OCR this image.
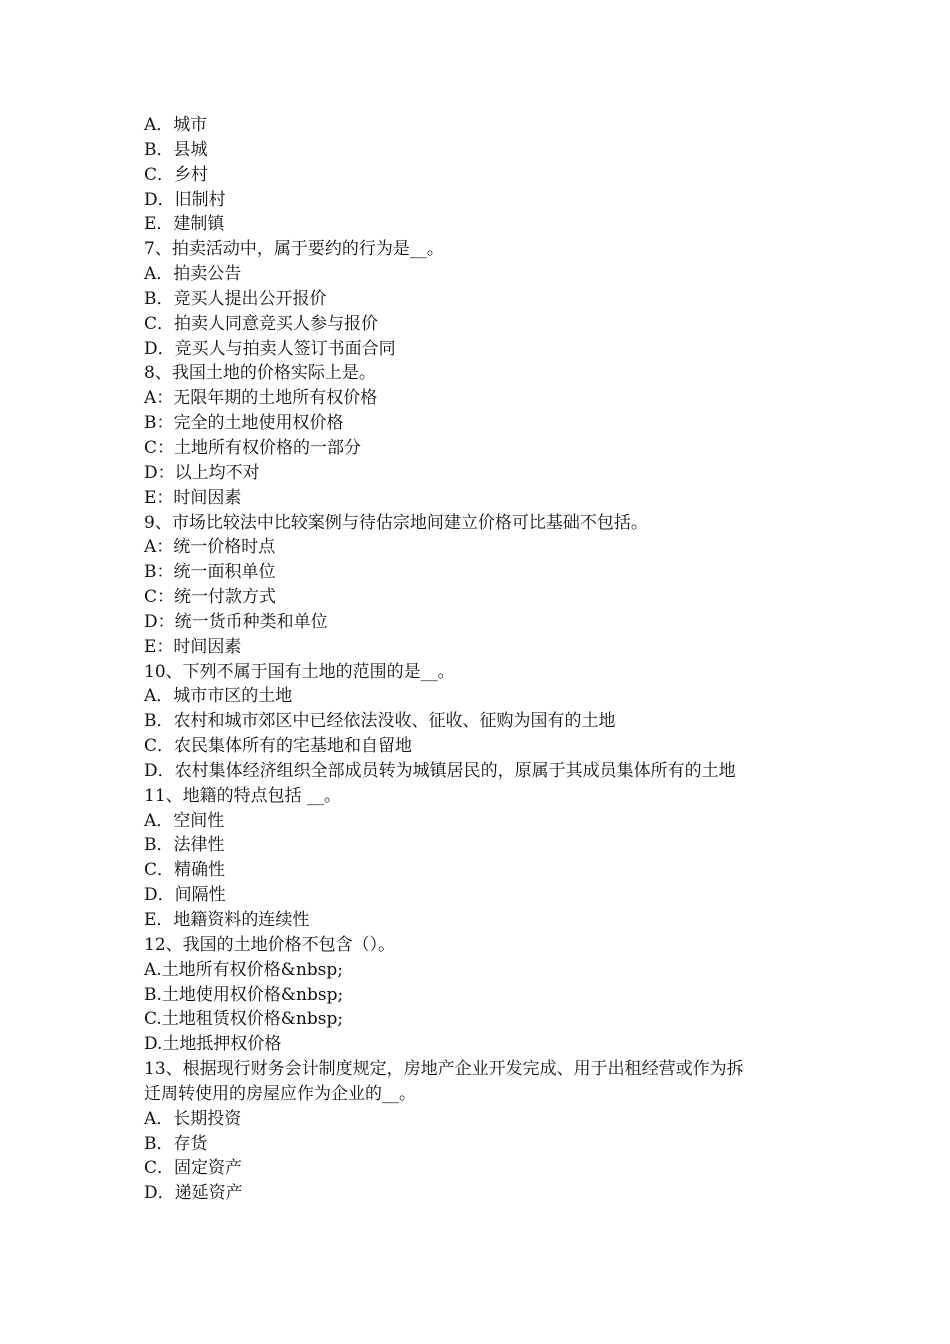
A．城市
B．县城
C．乡村
D．旧制村
E．建制镇
7、拍卖活动中，属于要约的行为是__。
A．拍卖公告
B．竞买人提出公开报价
C．拍卖人同意竞买人参与报价
D．竞买人与拍卖人签订书面合同
8、我国土地的价格实际上是。
A：无限年期的土地所有权价格
B：完全的土地使用权价格
C：土地所有权价格的一部分
D：以上均不对
E：时间因素
9、市场比较法中比较案例与待估宗地间建立价格可比基础不包括。
A：统一价格时点
B：统一面积单位
C：统一付款方式
D：统一货币种类和单位
E：时间因素
10、下列不属于国有土地的范围的是__。
A．城市市区的土地
B．农村和城市郊区中已经依法没收、征收、征购为国有的土地
C．农民集体所有的宅基地和自留地
D．农村集体经济组织全部成员转为城镇居民的，原属于其成员集体所有的土地
11、地籍的特点包括 __。
A．空间性
B．法律性
C．精确性
D．间隔性
E．地籍资料的连续性
12、我国的土地价格不包含（）。
A.土地所有权价格&nbsp;
B.土地使用权价格&nbsp;
C.土地租赁权价格&nbsp;
D.土地抵押权价格
13、根据现行财务会计制度规定，房地产企业开发完成、用于出租经营或作为拆
迁周转使用的房屋应作为企业的__。
A．长期投资
B．存货
C．固定资产
D．递延资产
